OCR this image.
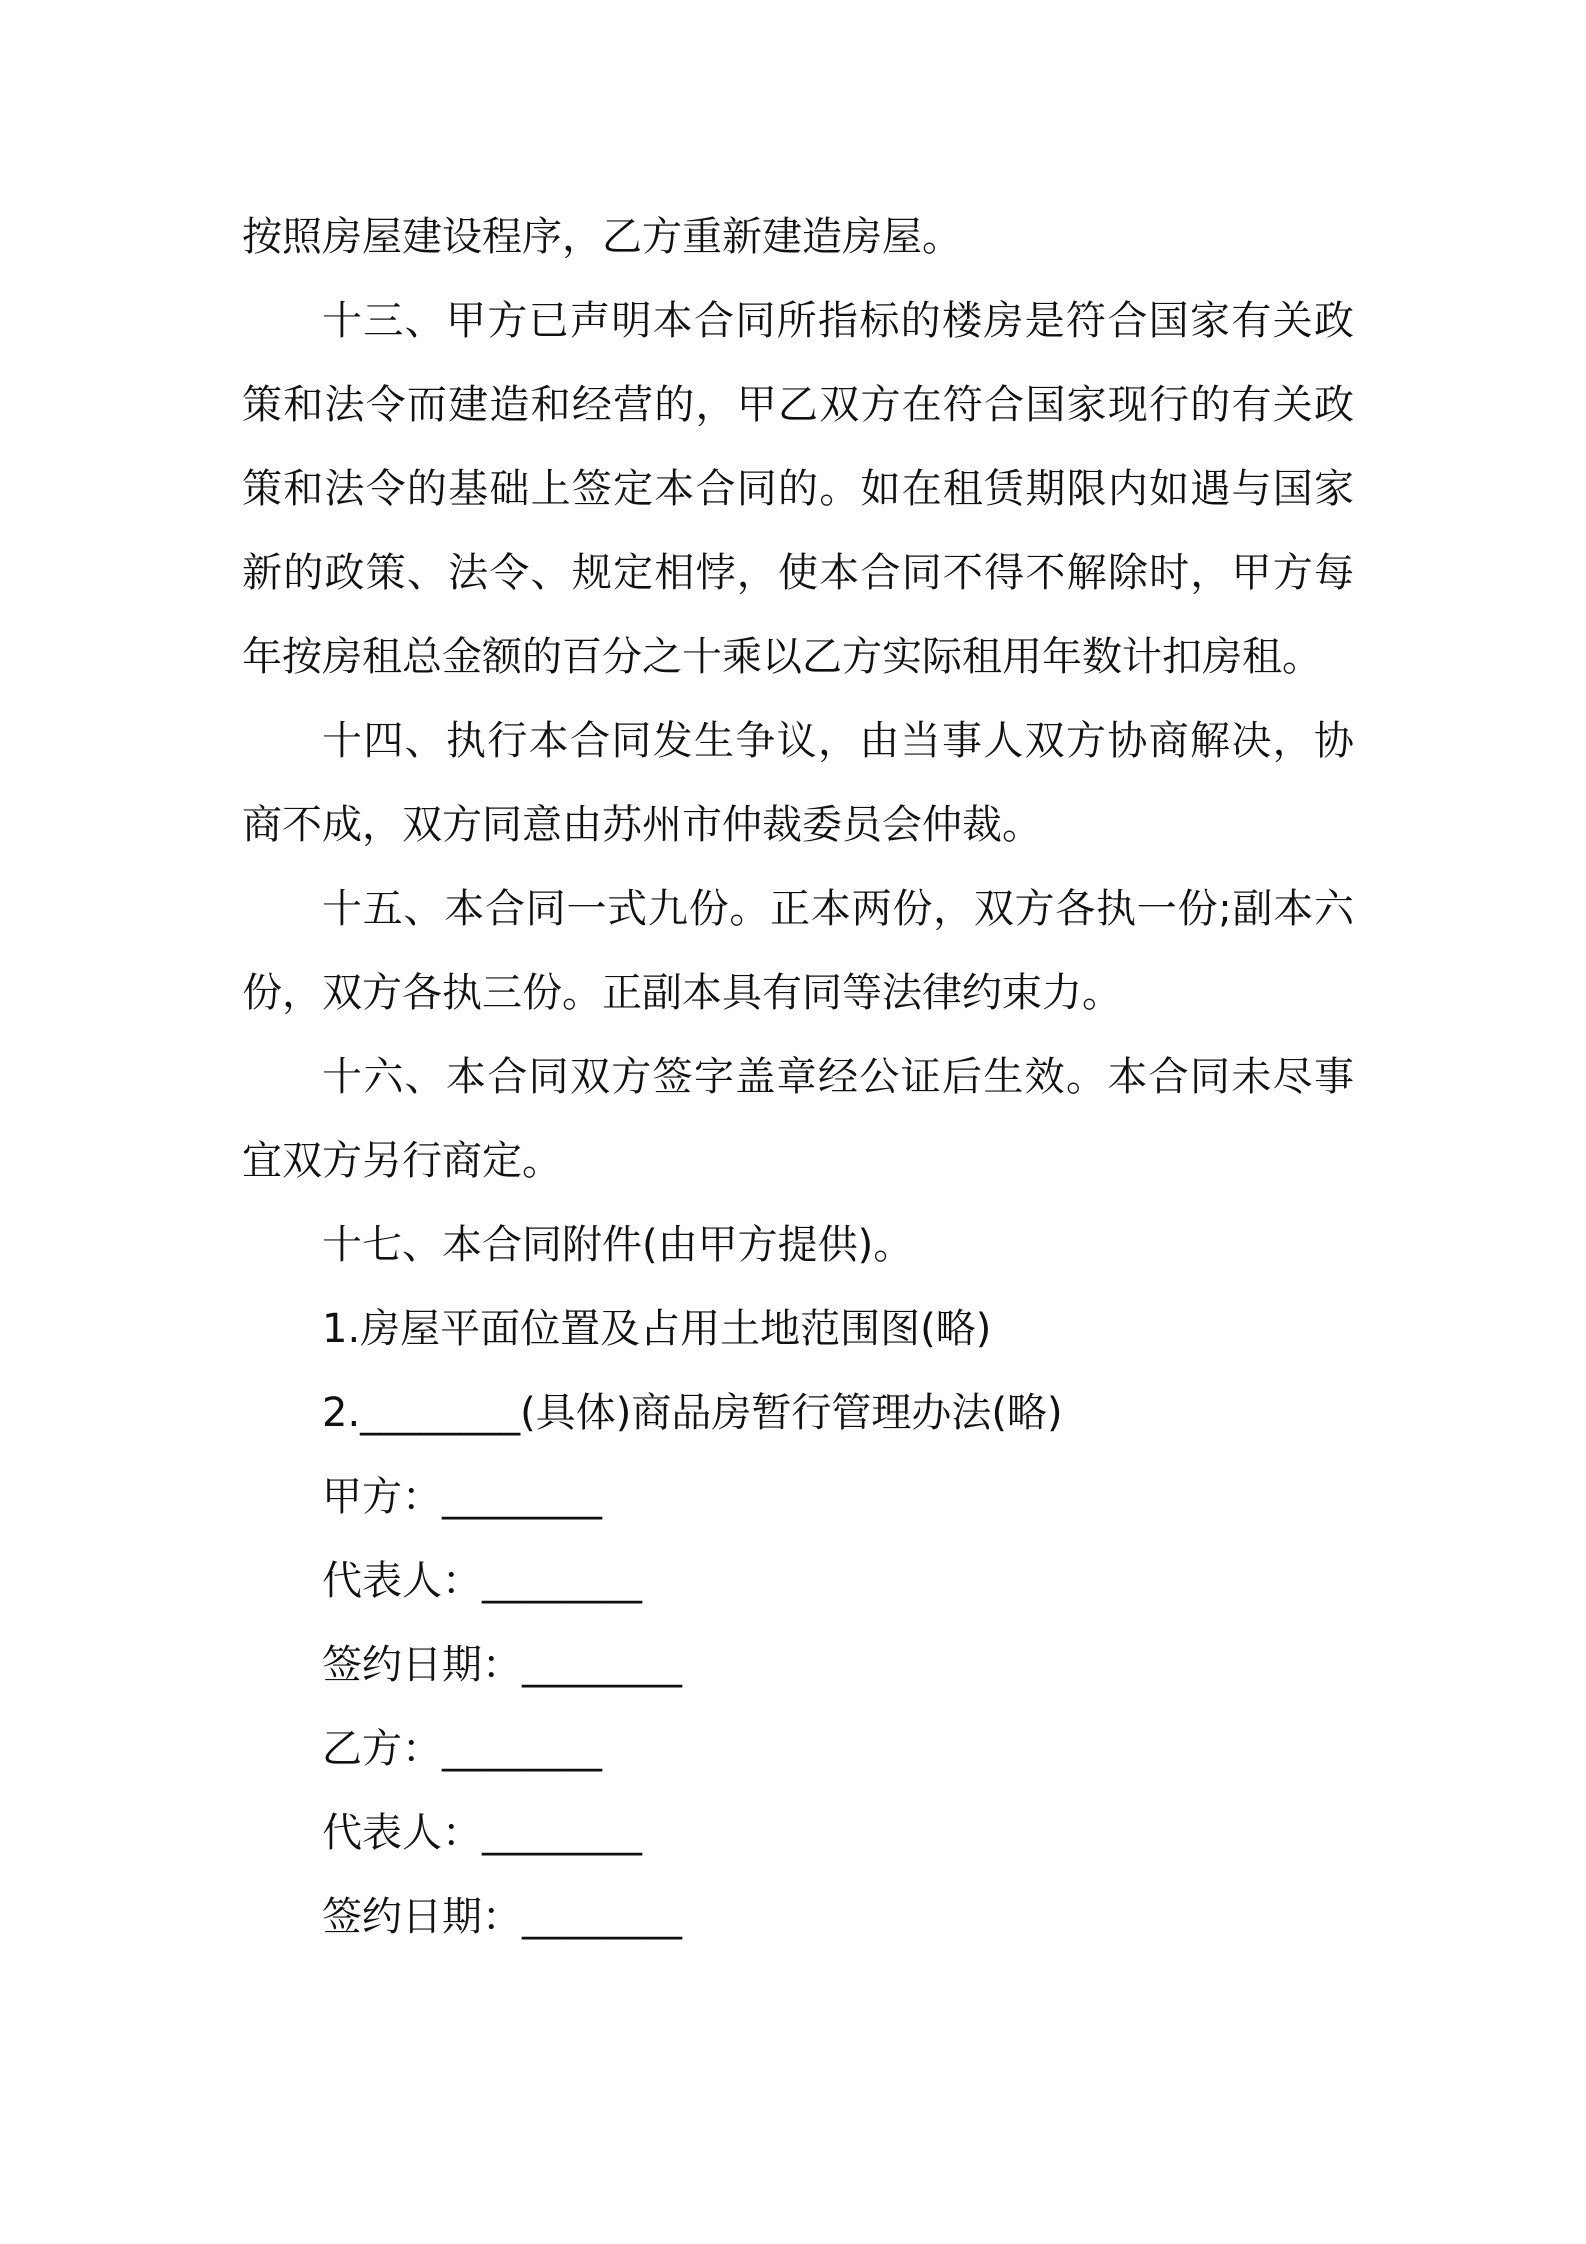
按照房屋建设程序，乙方重新建造房屋。

十三、甲方已声明本合同所指标的楼房是符合国家有关政策和法令而建造和经营的，甲乙双方在符合国家现行的有关政策和法令的基础上签定本合同的。如在租赁期限内如遇与国家新的政策、法令、规定相悖，使本合同不得不解除时，甲方每年按房租总金额的百分之十乘以乙方实际租用年数计扣房租。

十四、执行本合同发生争议，由当事人双方协商解决，协商不成，双方同意由苏州市仲裁委员会仲裁。

十五、本合同一式九份。正本两份，双方各执一份;副本六份，双方各执三份。正副本具有同等法律约束力。

十六、本合同双方签字盖章经公证后生效。本合同未尽事宜双方另行商定。

十七、本合同附件(由甲方提供)。

1.房屋平面位置及占用土地范围图(略)

2.________(具体)商品房暂行管理办法(略)

甲方：________

代表人：________

签约日期：________

乙方：________

代表人：________

签约日期：________
